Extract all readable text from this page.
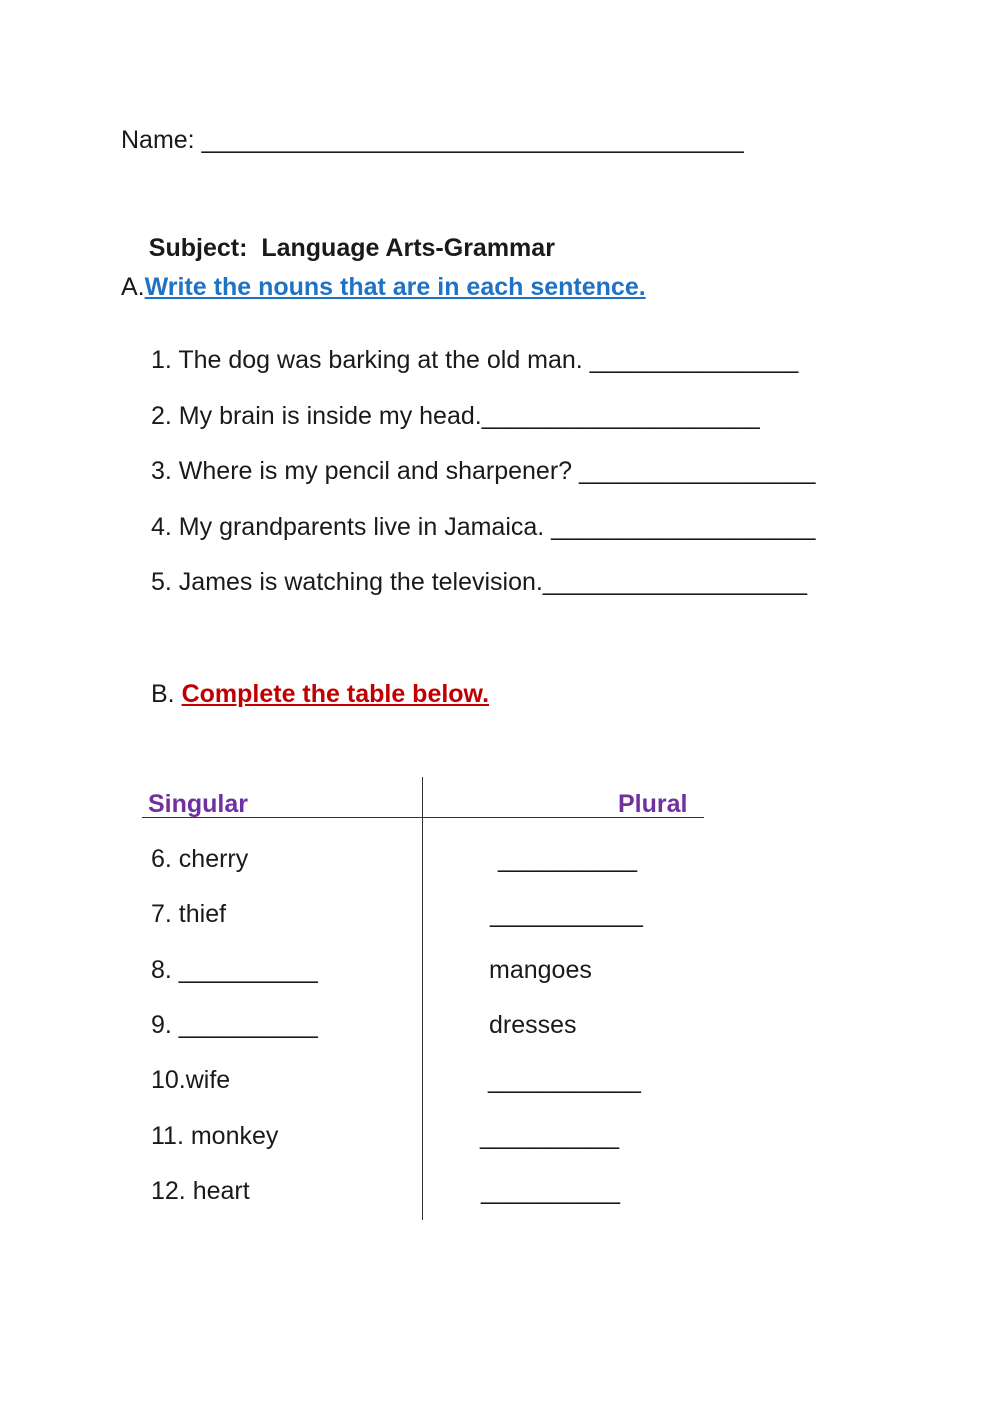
Name: _______________________________________

Subject: Language Arts-Grammar

A.Write the nouns that are in each sentence.
1. The dog was barking at the old man. _______________
2. My brain is inside my head.____________________
3. Where is my pencil and sharpener? _________________
4. My grandparents live in Jamaica. ___________________
5. James is watching the television.___________________
B. Complete the table below.
Singular	Plural
6. cherry	__________
7. thief	___________
8. __________	mangoes
9. __________	dresses
10.wife	___________
11. monkey	__________
12. heart	__________
